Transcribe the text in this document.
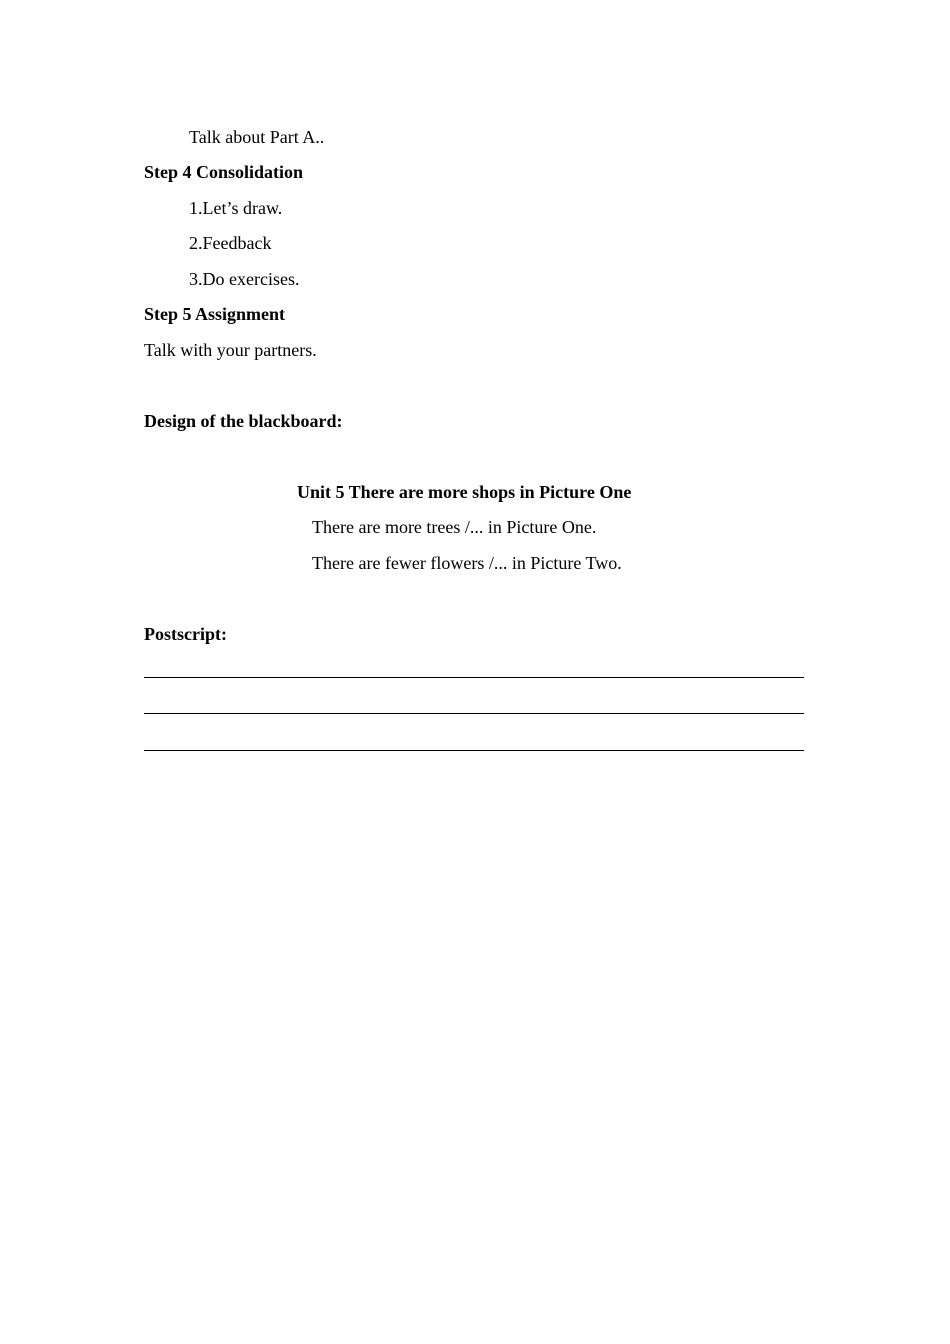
Talk about Part A..
Step 4 Consolidation
1.Let’s draw.
2.Feedback
3.Do exercises.
Step 5 Assignment
Talk with your partners.
Design of the blackboard:
Unit 5 There are more shops in Picture One
There are more trees /... in Picture One.
There are fewer flowers /... in Picture Two.
Postscript:
